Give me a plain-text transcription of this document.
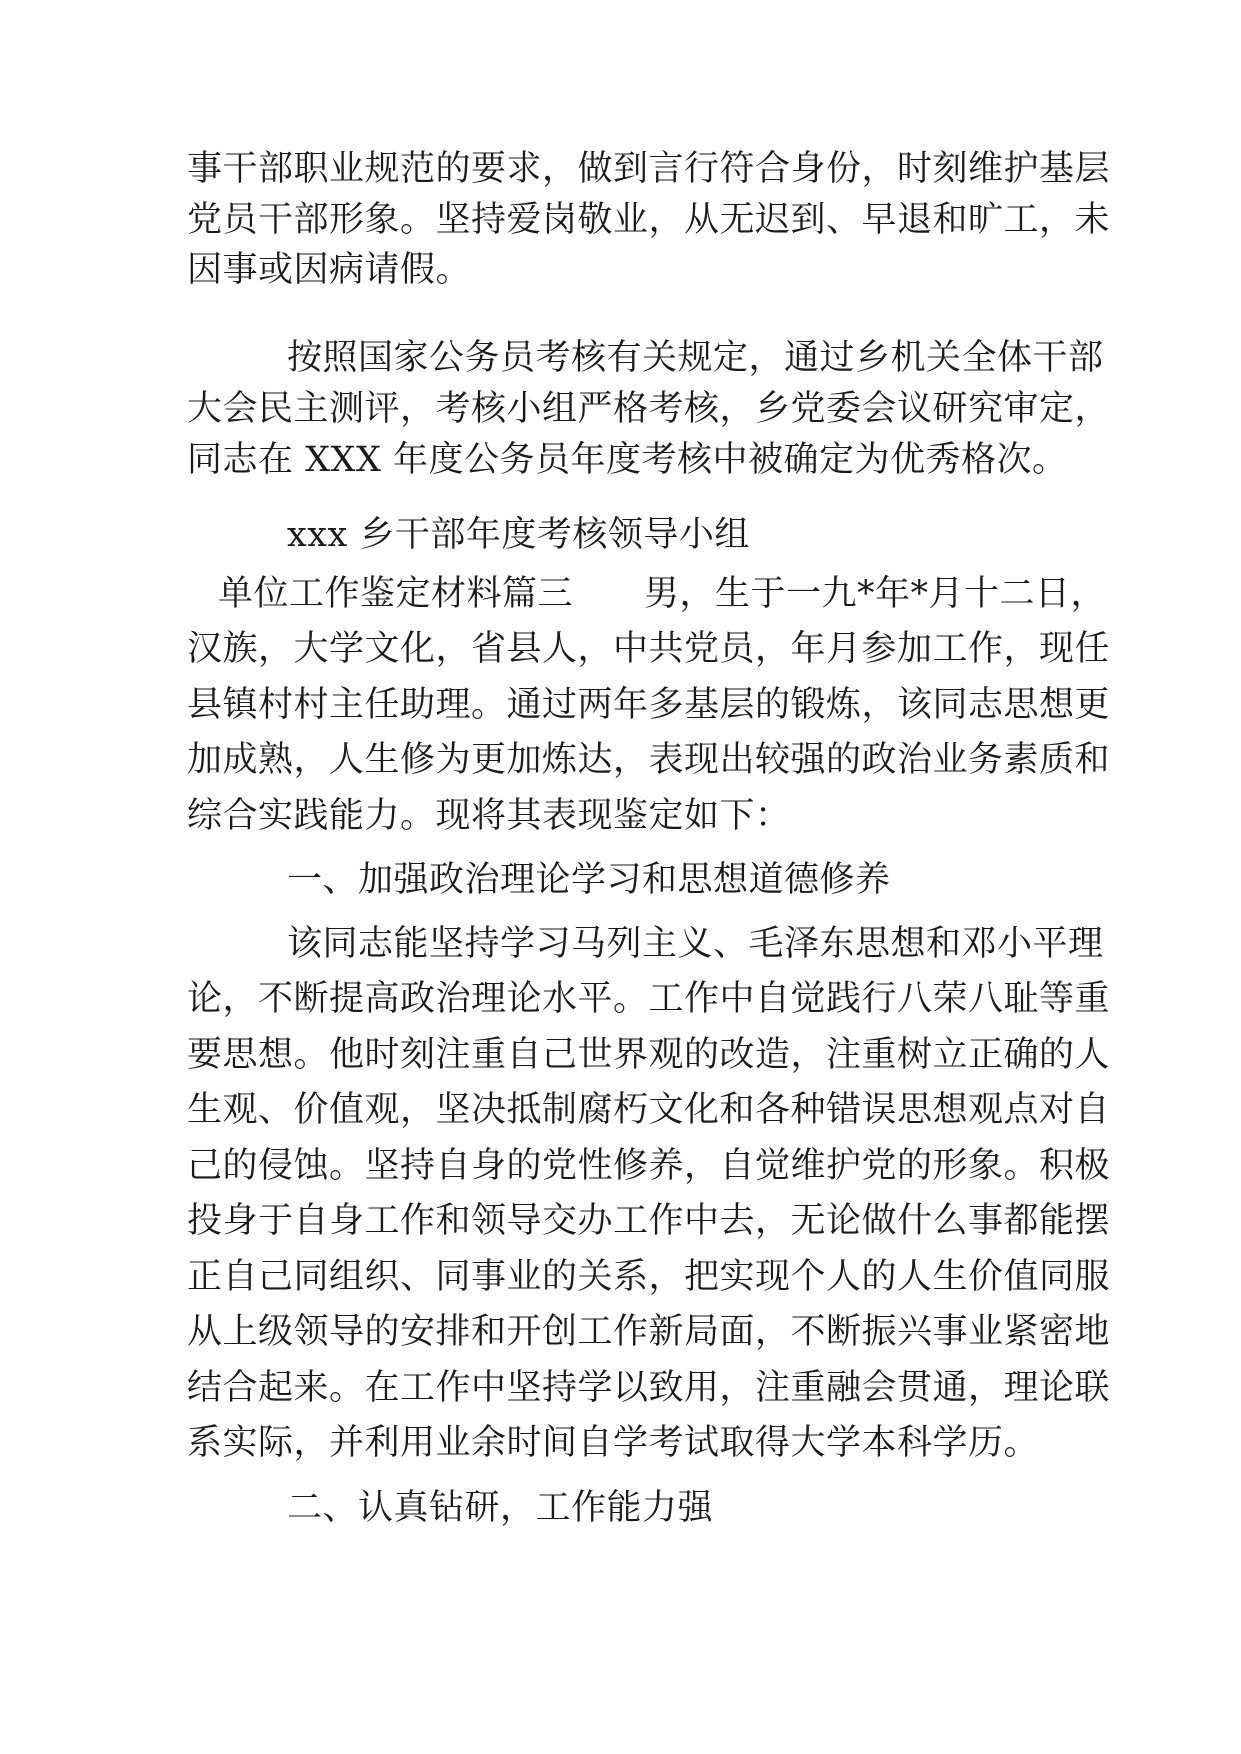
事干部职业规范的要求，做到言行符合身份，时刻维护基层
党员干部形象。坚持爱岗敬业，从无迟到、早退和旷工，未
因事或因病请假。
按照国家公务员考核有关规定，通过乡机关全体干部
大会民主测评，考核小组严格考核，乡党委会议研究审定，
同志在 XXX 年度公务员年度考核中被确定为优秀格次。
xxx 乡干部年度考核领导小组
单位工作鉴定材料篇三　　男，生于一九*年*月十二日，
汉族，大学文化，省县人，中共党员，年月参加工作，现任
县镇村村主任助理。通过两年多基层的锻炼，该同志思想更
加成熟，人生修为更加炼达，表现出较强的政治业务素质和
综合实践能力。现将其表现鉴定如下：
一、加强政治理论学习和思想道德修养
该同志能坚持学习马列主义、毛泽东思想和邓小平理
论，不断提高政治理论水平。工作中自觉践行八荣八耻等重
要思想。他时刻注重自己世界观的改造，注重树立正确的人
生观、价值观，坚决抵制腐朽文化和各种错误思想观点对自
己的侵蚀。坚持自身的党性修养，自觉维护党的形象。积极
投身于自身工作和领导交办工作中去，无论做什么事都能摆
正自己同组织、同事业的关系，把实现个人的人生价值同服
从上级领导的安排和开创工作新局面，不断振兴事业紧密地
结合起来。在工作中坚持学以致用，注重融会贯通，理论联
系实际，并利用业余时间自学考试取得大学本科学历。
二、认真钻研，工作能力强
